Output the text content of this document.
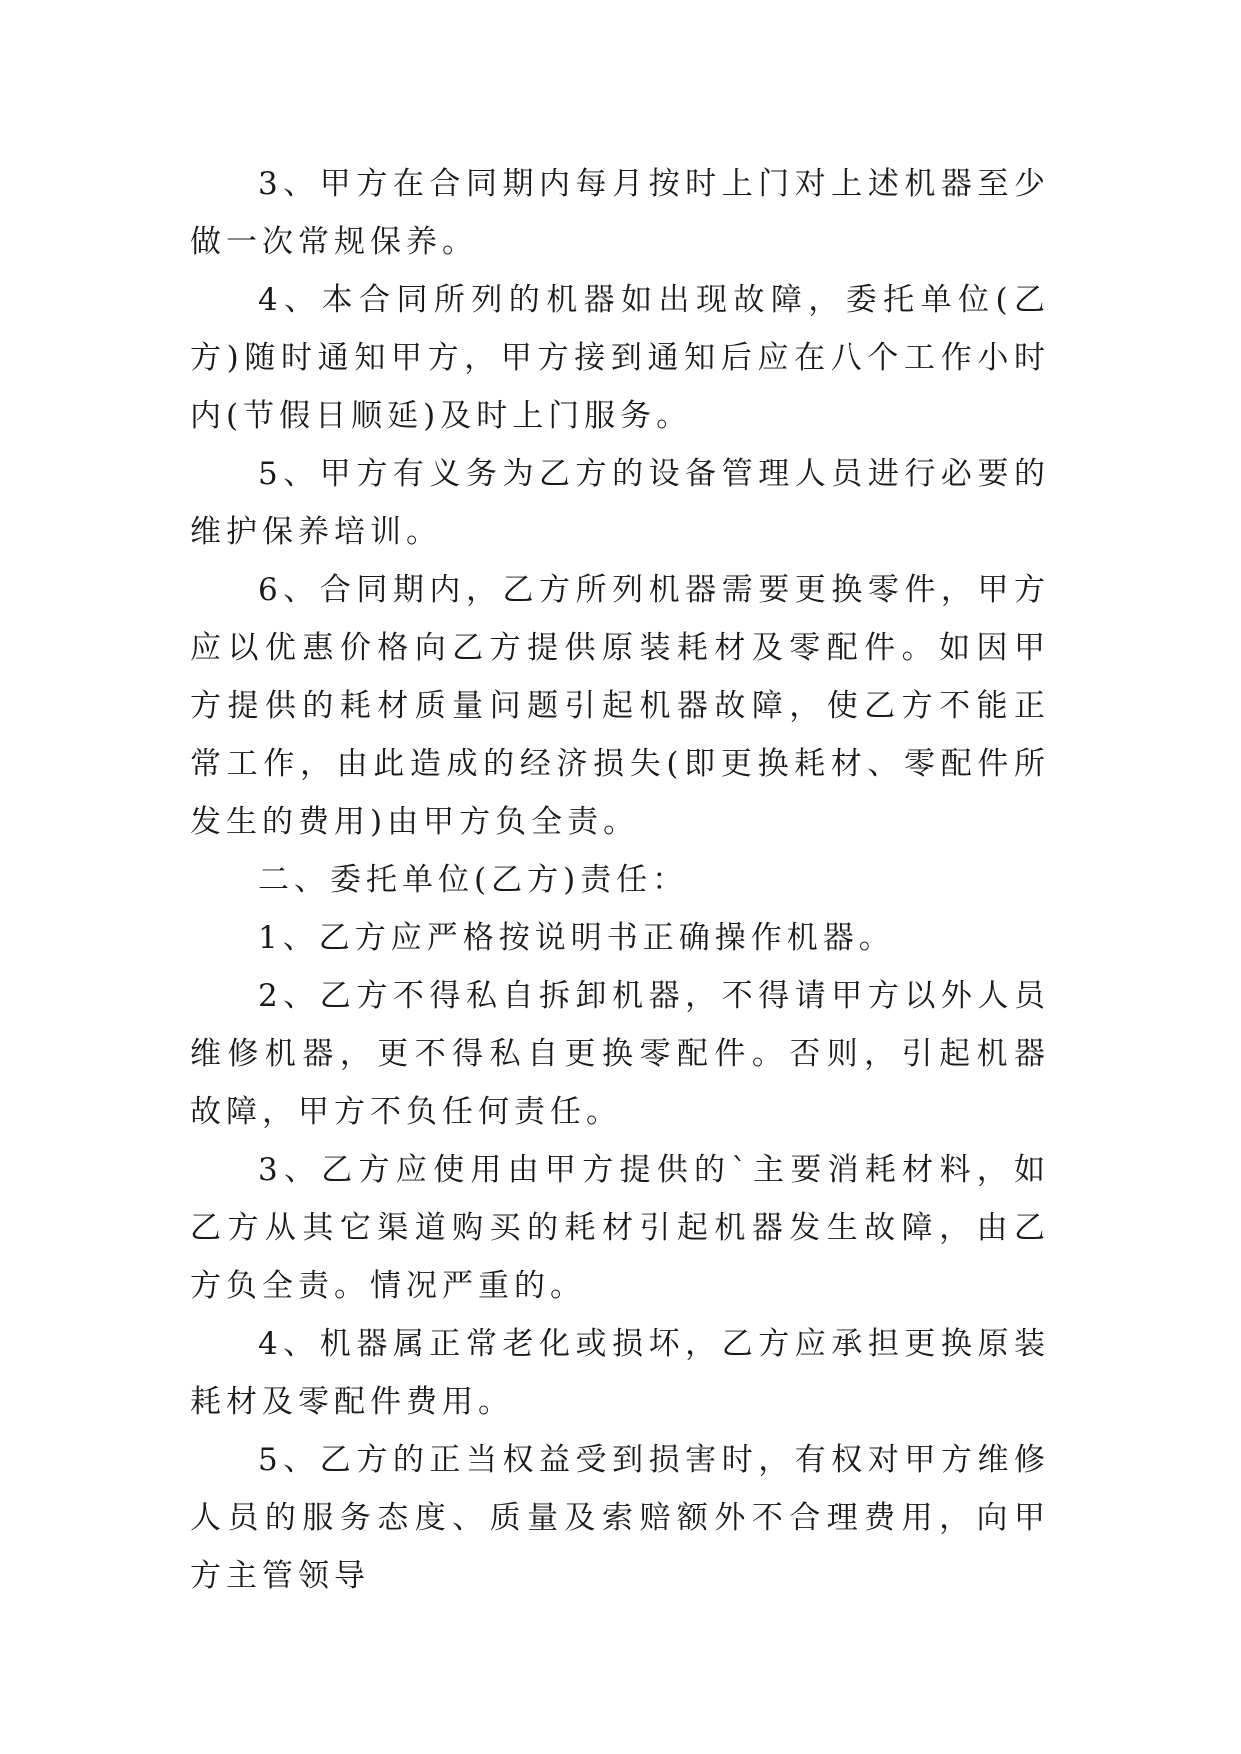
3、甲方在合同期内每月按时上门对上述机器至少做一次常规保养。

4、本合同所列的机器如出现故障，委托单位(乙方)随时通知甲方，甲方接到通知后应在八个工作小时内(节假日顺延)及时上门服务。

5、甲方有义务为乙方的设备管理人员进行必要的维护保养培训。

6、合同期内，乙方所列机器需要更换零件，甲方应以优惠价格向乙方提供原装耗材及零配件。如因甲方提供的耗材质量问题引起机器故障，使乙方不能正常工作，由此造成的经济损失(即更换耗材、零配件所发生的费用)由甲方负全责。

二、委托单位(乙方)责任：

1、乙方应严格按说明书正确操作机器。

2、乙方不得私自拆卸机器，不得请甲方以外人员维修机器，更不得私自更换零配件。否则，引起机器故障，甲方不负任何责任。

3、乙方应使用由甲方提供的`主要消耗材料，如乙方从其它渠道购买的耗材引起机器发生故障，由乙方负全责。情况严重的。

4、机器属正常老化或损坏，乙方应承担更换原装耗材及零配件费用。

5、乙方的正当权益受到损害时，有权对甲方维修人员的服务态度、质量及索赔额外不合理费用，向甲方主管领导
